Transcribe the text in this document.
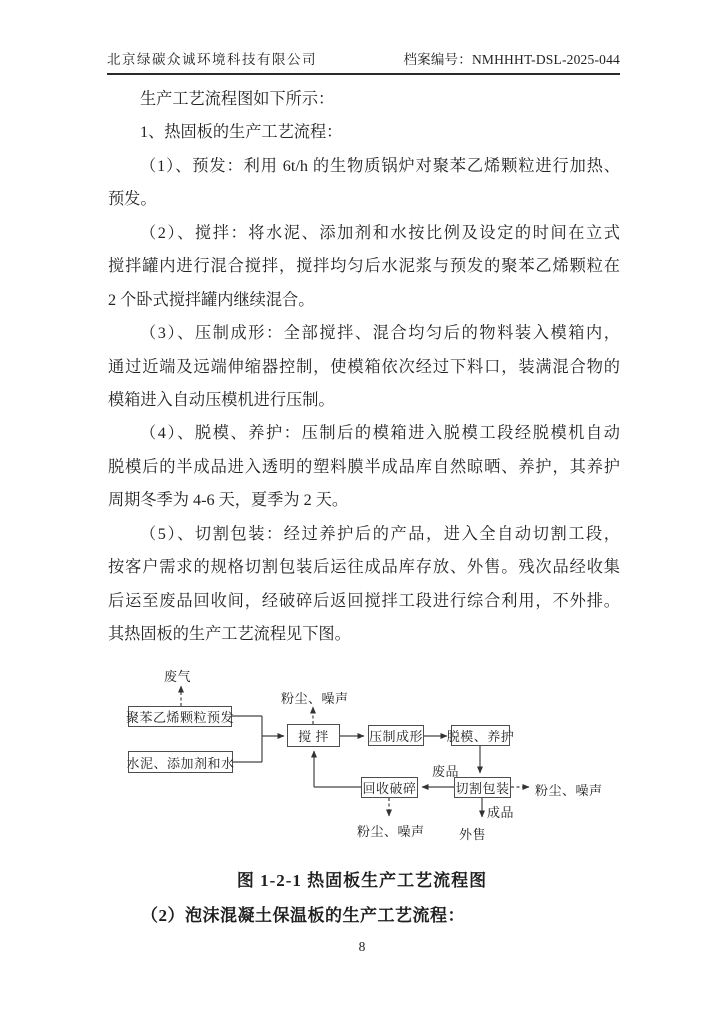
北京绿碳众诚环境科技有限公司	档案编号：NMHHHT-DSL-2025-044
生产工艺流程图如下所示：
1、热固板的生产工艺流程：
（1）、预发：利用 6t/h 的生物质锅炉对聚苯乙烯颗粒进行加热、
预发。
（2）、搅拌：将水泥、添加剂和水按比例及设定的时间在立式
搅拌罐内进行混合搅拌，搅拌均匀后水泥浆与预发的聚苯乙烯颗粒在
2 个卧式搅拌罐内继续混合。
（3）、压制成形：全部搅拌、混合均匀后的物料装入模箱内，
通过近端及远端伸缩器控制，使模箱依次经过下料口，装满混合物的
模箱进入自动压模机进行压制。
（4）、脱模、养护：压制后的模箱进入脱模工段经脱模机自动
脱模后的半成品进入透明的塑料膜半成品库自然晾晒、养护，其养护
周期冬季为 4-6 天，夏季为 2 天。
（5）、切割包装：经过养护后的产品，进入全自动切割工段，
按客户需求的规格切割包装后运往成品库存放、外售。残次品经收集
后运至废品回收间，经破碎后返回搅拌工段进行综合利用，不外排。
其热固板的生产工艺流程见下图。
聚苯乙烯颗粒预发
水泥、添加剂和水
搅 拌	压制成形 脱模、养护
切割包装
回收破碎
废气
粉尘、噪声
废品
粉尘、噪声
成品
外售
粉尘、噪声
图 1-2-1 热固板生产工艺流程图
（2）泡沫混凝土保温板的生产工艺流程：
8
